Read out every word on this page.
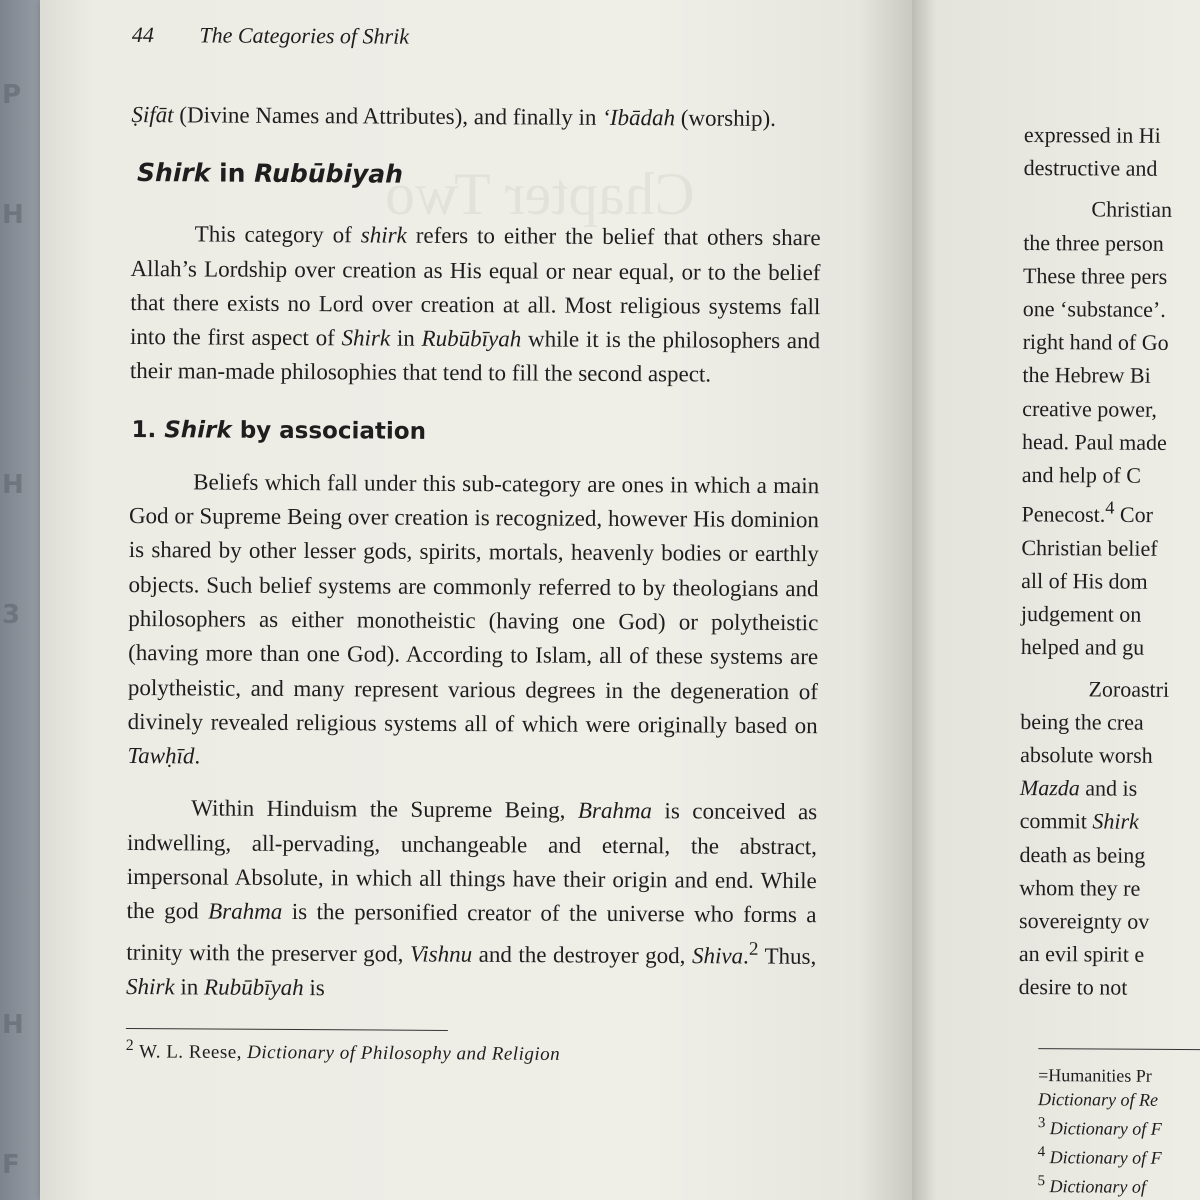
P
H
H
3
H
F
Chapter Two
44 The Categories of Shrik

Ṣifāt (Divine Names and Attributes), and finally in ʻIbādah (worship).

Shirk in Rubūbiyah

This category of shirk refers to either the belief that others share Allah’s Lordship over creation as His equal or near equal, or to the belief that there exists no Lord over creation at all. Most religious systems fall into the first aspect of Shirk in Rubūbīyah while it is the philosophers and their man-made philosophies that tend to fill the second aspect.

1. Shirk by association

Beliefs which fall under this sub-category are ones in which a main God or Supreme Being over creation is recognized, however His dominion is shared by other lesser gods, spirits, mortals, heavenly bodies or earthly objects. Such belief systems are commonly referred to by theologians and philosophers as either monotheistic (having one God) or polytheistic (having more than one God). According to Islam, all of these systems are polytheistic, and many represent various degrees in the degeneration of divinely revealed religious systems all of which were originally based on Tawḥīd.

Within Hinduism the Supreme Being, Brahma is conceived as indwelling, all-pervading, unchangeable and eternal, the abstract, impersonal Absolute, in which all things have their origin and end. While the god Brahma is the personified creator of the universe who forms a trinity with the preserver god, Vishnu and the destroyer god, Shiva.$^2$ Thus, Shirk in Rubūbīyah is

$^2$ W. L. Reese, Dictionary of Philosophy and Religion

expressed in Hi

destructive and

Christian

the three person

These three pers

one ‘substance’.

right hand of Go

the Hebrew Bi

creative power,

head. Paul made

and help of C

Penecost.$^4$ Cor

Christian belief

all of His dom

judgement on

helped and gu

Zoroastri

being the crea

absolute worsh

Mazda and is

commit Shirk

death as being

whom they re

sovereignty ov

an evil spirit e

desire to not

=Humanities Pr
Dictionary of Re
$^3$ Dictionary of F
$^4$ Dictionary of F
$^5$ Dictionary of
